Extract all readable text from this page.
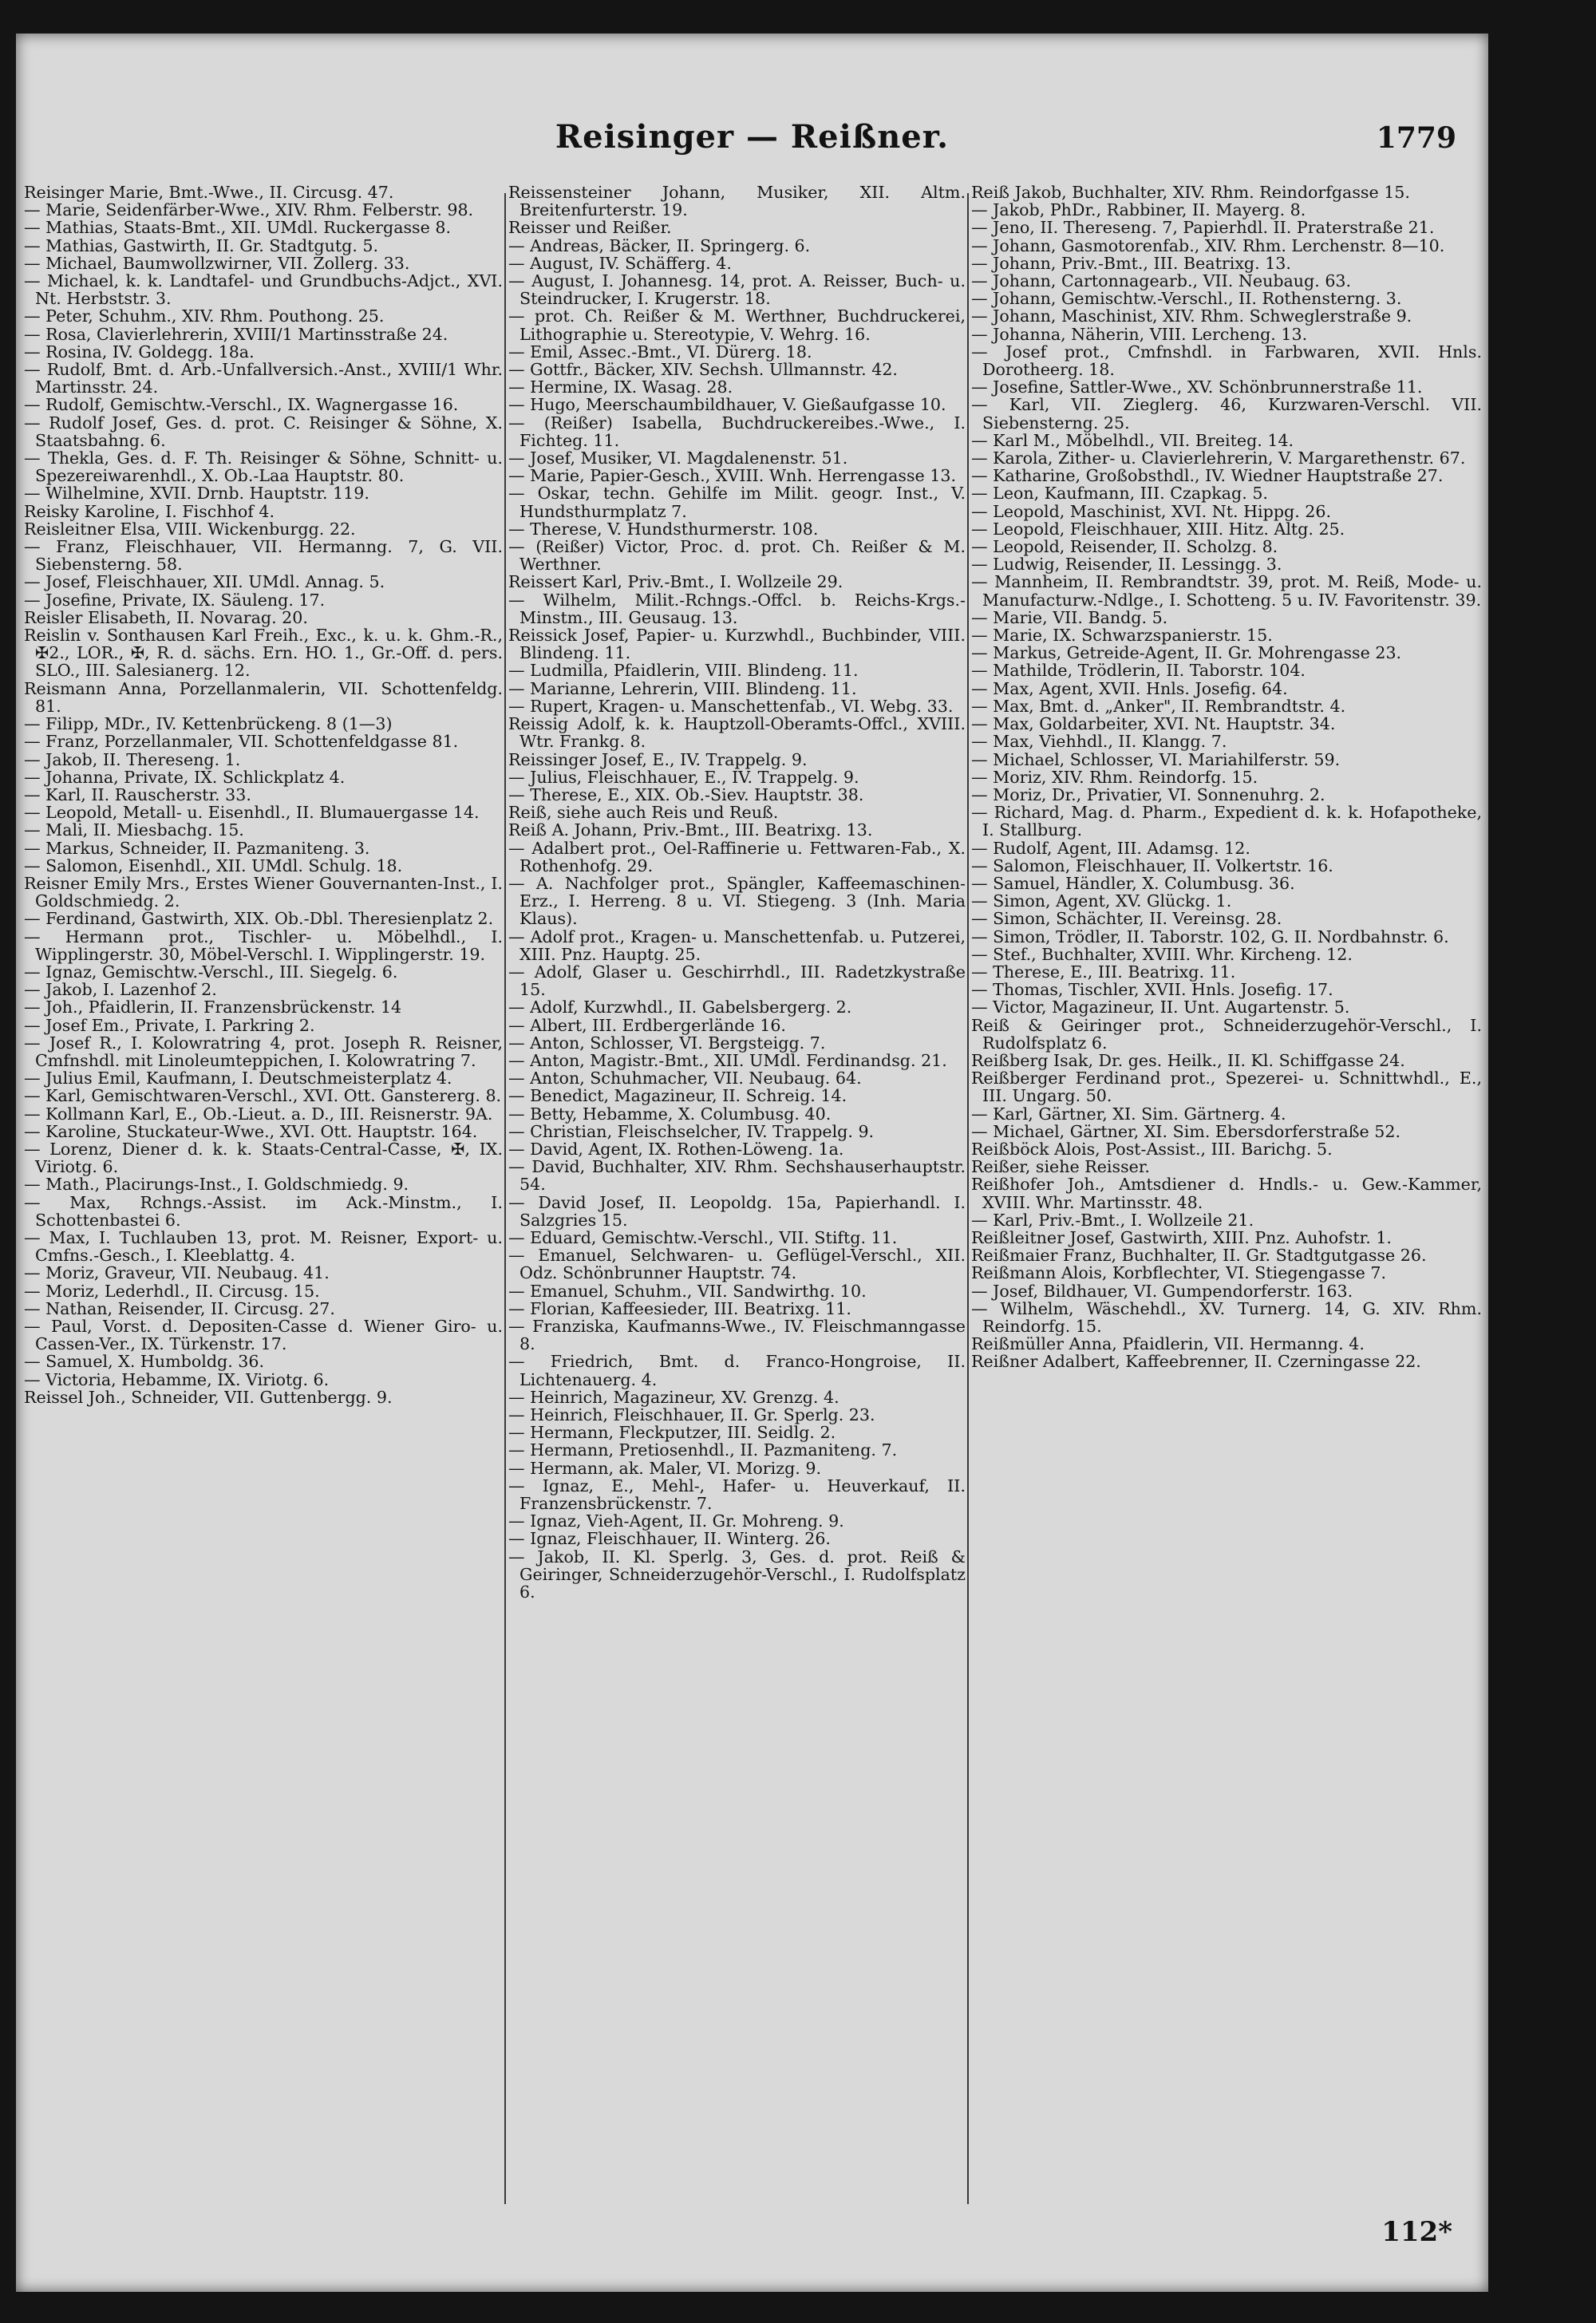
Reisinger — Reißner.	1779

Reisinger Marie, Bmt.-Wwe., II. Circusg. 47.

— Marie, Seidenfärber-Wwe., XIV. Rhm. Felberstr. 98.

— Mathias, Staats-Bmt., XII. UMdl. Ruckergasse 8.

— Mathias, Gastwirth, II. Gr. Stadtgutg. 5.

— Michael, Baumwollzwirner, VII. Zollerg. 33.

— Michael, k. k. Landtafel- und Grundbuchs-Adjct., XVI. Nt. Herbststr. 3.

— Peter, Schuhm., XIV. Rhm. Pouthong. 25.

— Rosa, Clavierlehrerin, XVIII/1 Martinsstraße 24.

— Rosina, IV. Goldegg. 18a.

— Rudolf, Bmt. d. Arb.-Unfallversich.-Anst., XVIII/1 Whr. Martinsstr. 24.

— Rudolf, Gemischtw.-Verschl., IX. Wagnergasse 16.

— Rudolf Josef, Ges. d. prot. C. Reisinger & Söhne, X. Staatsbahng. 6.

— Thekla, Ges. d. F. Th. Reisinger & Söhne, Schnitt- u. Spezereiwarenhdl., X. Ob.-Laa Hauptstr. 80.

— Wilhelmine, XVII. Drnb. Hauptstr. 119.

Reisky Karoline, I. Fischhof 4.

Reisleitner Elsa, VIII. Wickenburgg. 22.

— Franz, Fleischhauer, VII. Hermanng. 7, G. VII. Siebensterng. 58.

— Josef, Fleischhauer, XII. UMdl. Annag. 5.

— Josefine, Private, IX. Säuleng. 17.

Reisler Elisabeth, II. Novarag. 20.

Reislin v. Sonthausen Karl Freih., Exc., k. u. k. Ghm.-R., ✠2., LOR., ✠, R. d. sächs. Ern. HO. 1., Gr.-Off. d. pers. SLO., III. Salesianerg. 12.

Reismann Anna, Porzellanmalerin, VII. Schottenfeldg. 81.

— Filipp, MDr., IV. Kettenbrückeng. 8 (1—3)

— Franz, Porzellanmaler, VII. Schottenfeldgasse 81.

— Jakob, II. Thereseng. 1.

— Johanna, Private, IX. Schlickplatz 4.

— Karl, II. Rauscherstr. 33.

— Leopold, Metall- u. Eisenhdl., II. Blumauergasse 14.

— Mali, II. Miesbachg. 15.

— Markus, Schneider, II. Pazmaniteng. 3.

— Salomon, Eisenhdl., XII. UMdl. Schulg. 18.

Reisner Emily Mrs., Erstes Wiener Gouvernanten-Inst., I. Goldschmiedg. 2.

— Ferdinand, Gastwirth, XIX. Ob.-Dbl. Theresienplatz 2.

— Hermann prot., Tischler- u. Möbelhdl., I. Wipplingerstr. 30, Möbel-Verschl. I. Wipplingerstr. 19.

— Ignaz, Gemischtw.-Verschl., III. Siegelg. 6.

— Jakob, I. Lazenhof 2.

— Joh., Pfaidlerin, II. Franzensbrückenstr. 14

— Josef Em., Private, I. Parkring 2.

— Josef R., I. Kolowratring 4, prot. Joseph R. Reisner, Cmfnshdl. mit Linoleumteppichen, I. Kolowratring 7.

— Julius Emil, Kaufmann, I. Deutschmeisterplatz 4.

— Karl, Gemischtwaren-Verschl., XVI. Ott. Ganstererg. 8.

— Kollmann Karl, E., Ob.-Lieut. a. D., III. Reisnerstr. 9A.

— Karoline, Stuckateur-Wwe., XVI. Ott. Hauptstr. 164.

— Lorenz, Diener d. k. k. Staats-Central-Casse, ✠, IX. Viriotg. 6.

— Math., Placirungs-Inst., I. Goldschmiedg. 9.

— Max, Rchngs.-Assist. im Ack.-Minstm., I. Schottenbastei 6.

— Max, I. Tuchlauben 13, prot. M. Reisner, Export- u. Cmfns.-Gesch., I. Kleeblattg. 4.

— Moriz, Graveur, VII. Neubaug. 41.

— Moriz, Lederhdl., II. Circusg. 15.

— Nathan, Reisender, II. Circusg. 27.

— Paul, Vorst. d. Depositen-Casse d. Wiener Giro- u. Cassen-Ver., IX. Türkenstr. 17.

— Samuel, X. Humboldg. 36.

— Victoria, Hebamme, IX. Viriotg. 6.

Reissel Joh., Schneider, VII. Guttenbergg. 9.

Reissensteiner Johann, Musiker, XII. Altm. Breitenfurterstr. 19.

Reisser und Reißer.

— Andreas, Bäcker, II. Springerg. 6.

— August, IV. Schäfferg. 4.

— August, I. Johannesg. 14, prot. A. Reisser, Buch- u. Steindrucker, I. Krugerstr. 18.

— prot. Ch. Reißer & M. Werthner, Buchdruckerei, Lithographie u. Stereotypie, V. Wehrg. 16.

— Emil, Assec.-Bmt., VI. Dürerg. 18.

— Gottfr., Bäcker, XIV. Sechsh. Ullmannstr. 42.

— Hermine, IX. Wasag. 28.

— Hugo, Meerschaumbildhauer, V. Gießaufgasse 10.

— (Reißer) Isabella, Buchdruckereibes.-Wwe., I. Fichteg. 11.

— Josef, Musiker, VI. Magdalenenstr. 51.

— Marie, Papier-Gesch., XVIII. Wnh. Herrengasse 13.

— Oskar, techn. Gehilfe im Milit. geogr. Inst., V. Hundsthurmplatz 7.

— Therese, V. Hundsthurmerstr. 108.

— (Reißer) Victor, Proc. d. prot. Ch. Reißer & M. Werthner.

Reissert Karl, Priv.-Bmt., I. Wollzeile 29.

— Wilhelm, Milit.-Rchngs.-Offcl. b. Reichs-Krgs.-Minstm., III. Geusaug. 13.

Reissick Josef, Papier- u. Kurzwhdl., Buchbinder, VIII. Blindeng. 11.

— Ludmilla, Pfaidlerin, VIII. Blindeng. 11.

— Marianne, Lehrerin, VIII. Blindeng. 11.

— Rupert, Kragen- u. Manschettenfab., VI. Webg. 33.

Reissig Adolf, k. k. Hauptzoll-Oberamts-Offcl., XVIII. Wtr. Frankg. 8.

Reissinger Josef, E., IV. Trappelg. 9.

— Julius, Fleischhauer, E., IV. Trappelg. 9.

— Therese, E., XIX. Ob.-Siev. Hauptstr. 38.

Reiß, siehe auch Reis und Reuß.

Reiß A. Johann, Priv.-Bmt., III. Beatrixg. 13.

— Adalbert prot., Oel-Raffinerie u. Fettwaren-Fab., X. Rothenhofg. 29.

— A. Nachfolger prot., Spängler, Kaffeemaschinen-Erz., I. Herreng. 8 u. VI. Stiegeng. 3 (Inh. Maria Klaus).

— Adolf prot., Kragen- u. Manschettenfab. u. Putzerei, XIII. Pnz. Hauptg. 25.

— Adolf, Glaser u. Geschirrhdl., III. Radetzkystraße 15.

— Adolf, Kurzwhdl., II. Gabelsbergerg. 2.

— Albert, III. Erdbergerlände 16.

— Anton, Schlosser, VI. Bergsteigg. 7.

— Anton, Magistr.-Bmt., XII. UMdl. Ferdinandsg. 21.

— Anton, Schuhmacher, VII. Neubaug. 64.

— Benedict, Magazineur, II. Schreig. 14.

— Betty, Hebamme, X. Columbusg. 40.

— Christian, Fleischselcher, IV. Trappelg. 9.

— David, Agent, IX. Rothen-Löweng. 1a.

— David, Buchhalter, XIV. Rhm. Sechshauserhauptstr. 54.

— David Josef, II. Leopoldg. 15a, Papierhandl. I. Salzgries 15.

— Eduard, Gemischtw.-Verschl., VII. Stiftg. 11.

— Emanuel, Selchwaren- u. Geflügel-Verschl., XII. Odz. Schönbrunner Hauptstr. 74.

— Emanuel, Schuhm., VII. Sandwirthg. 10.

— Florian, Kaffeesieder, III. Beatrixg. 11.

— Franziska, Kaufmanns-Wwe., IV. Fleischmanngasse 8.

— Friedrich, Bmt. d. Franco-Hongroise, II. Lichtenauerg. 4.

— Heinrich, Magazineur, XV. Grenzg. 4.

— Heinrich, Fleischhauer, II. Gr. Sperlg. 23.

— Hermann, Fleckputzer, III. Seidlg. 2.

— Hermann, Pretiosenhdl., II. Pazmaniteng. 7.

— Hermann, ak. Maler, VI. Morizg. 9.

— Ignaz, E., Mehl-, Hafer- u. Heuverkauf, II. Franzensbrückenstr. 7.

— Ignaz, Vieh-Agent, II. Gr. Mohreng. 9.

— Ignaz, Fleischhauer, II. Winterg. 26.

— Jakob, II. Kl. Sperlg. 3, Ges. d. prot. Reiß & Geiringer, Schneiderzugehör-Verschl., I. Rudolfsplatz 6.

Reiß Jakob, Buchhalter, XIV. Rhm. Reindorfgasse 15.

— Jakob, PhDr., Rabbiner, II. Mayerg. 8.

— Jeno, II. Thereseng. 7, Papierhdl. II. Praterstraße 21.

— Johann, Gasmotorenfab., XIV. Rhm. Lerchenstr. 8—10.

— Johann, Priv.-Bmt., III. Beatrixg. 13.

— Johann, Cartonnagearb., VII. Neubaug. 63.

— Johann, Gemischtw.-Verschl., II. Rothensterng. 3.

— Johann, Maschinist, XIV. Rhm. Schweglerstraße 9.

— Johanna, Näherin, VIII. Lercheng. 13.

— Josef prot., Cmfnshdl. in Farbwaren, XVII. Hnls. Dorotheerg. 18.

— Josefine, Sattler-Wwe., XV. Schönbrunnerstraße 11.

— Karl, VII. Zieglerg. 46, Kurzwaren-Verschl. VII. Siebensterng. 25.

— Karl M., Möbelhdl., VII. Breiteg. 14.

— Karola, Zither- u. Clavierlehrerin, V. Margarethenstr. 67.

— Katharine, Großobsthdl., IV. Wiedner Hauptstraße 27.

— Leon, Kaufmann, III. Czapkag. 5.

— Leopold, Maschinist, XVI. Nt. Hippg. 26.

— Leopold, Fleischhauer, XIII. Hitz. Altg. 25.

— Leopold, Reisender, II. Scholzg. 8.

— Ludwig, Reisender, II. Lessingg. 3.

— Mannheim, II. Rembrandtstr. 39, prot. M. Reiß, Mode- u. Manufacturw.-Ndlge., I. Schotteng. 5 u. IV. Favoritenstr. 39.

— Marie, VII. Bandg. 5.

— Marie, IX. Schwarzspanierstr. 15.

— Markus, Getreide-Agent, II. Gr. Mohrengasse 23.

— Mathilde, Trödlerin, II. Taborstr. 104.

— Max, Agent, XVII. Hnls. Josefig. 64.

— Max, Bmt. d. „Anker", II. Rembrandtstr. 4.

— Max, Goldarbeiter, XVI. Nt. Hauptstr. 34.

— Max, Viehhdl., II. Klangg. 7.

— Michael, Schlosser, VI. Mariahilferstr. 59.

— Moriz, XIV. Rhm. Reindorfg. 15.

— Moriz, Dr., Privatier, VI. Sonnenuhrg. 2.

— Richard, Mag. d. Pharm., Expedient d. k. k. Hofapotheke, I. Stallburg.

— Rudolf, Agent, III. Adamsg. 12.

— Salomon, Fleischhauer, II. Volkertstr. 16.

— Samuel, Händler, X. Columbusg. 36.

— Simon, Agent, XV. Glückg. 1.

— Simon, Schächter, II. Vereinsg. 28.

— Simon, Trödler, II. Taborstr. 102, G. II. Nordbahnstr. 6.

— Stef., Buchhalter, XVIII. Whr. Kircheng. 12.

— Therese, E., III. Beatrixg. 11.

— Thomas, Tischler, XVII. Hnls. Josefig. 17.

— Victor, Magazineur, II. Unt. Augartenstr. 5.

Reiß & Geiringer prot., Schneiderzugehör-Verschl., I. Rudolfsplatz 6.

Reißberg Isak, Dr. ges. Heilk., II. Kl. Schiffgasse 24.

Reißberger Ferdinand prot., Spezerei- u. Schnittwhdl., E., III. Ungarg. 50.

— Karl, Gärtner, XI. Sim. Gärtnerg. 4.

— Michael, Gärtner, XI. Sim. Ebersdorferstraße 52.

Reißböck Alois, Post-Assist., III. Barichg. 5.

Reißer, siehe Reisser.

Reißhofer Joh., Amtsdiener d. Hndls.- u. Gew.-Kammer, XVIII. Whr. Martinsstr. 48.

— Karl, Priv.-Bmt., I. Wollzeile 21.

Reißleitner Josef, Gastwirth, XIII. Pnz. Auhofstr. 1.

Reißmaier Franz, Buchhalter, II. Gr. Stadtgutgasse 26.

Reißmann Alois, Korbflechter, VI. Stiegengasse 7.

— Josef, Bildhauer, VI. Gumpendorferstr. 163.

— Wilhelm, Wäschehdl., XV. Turnerg. 14, G. XIV. Rhm. Reindorfg. 15.

Reißmüller Anna, Pfaidlerin, VII. Hermanng. 4.

Reißner Adalbert, Kaffeebrenner, II. Czerningasse 22.

112*
